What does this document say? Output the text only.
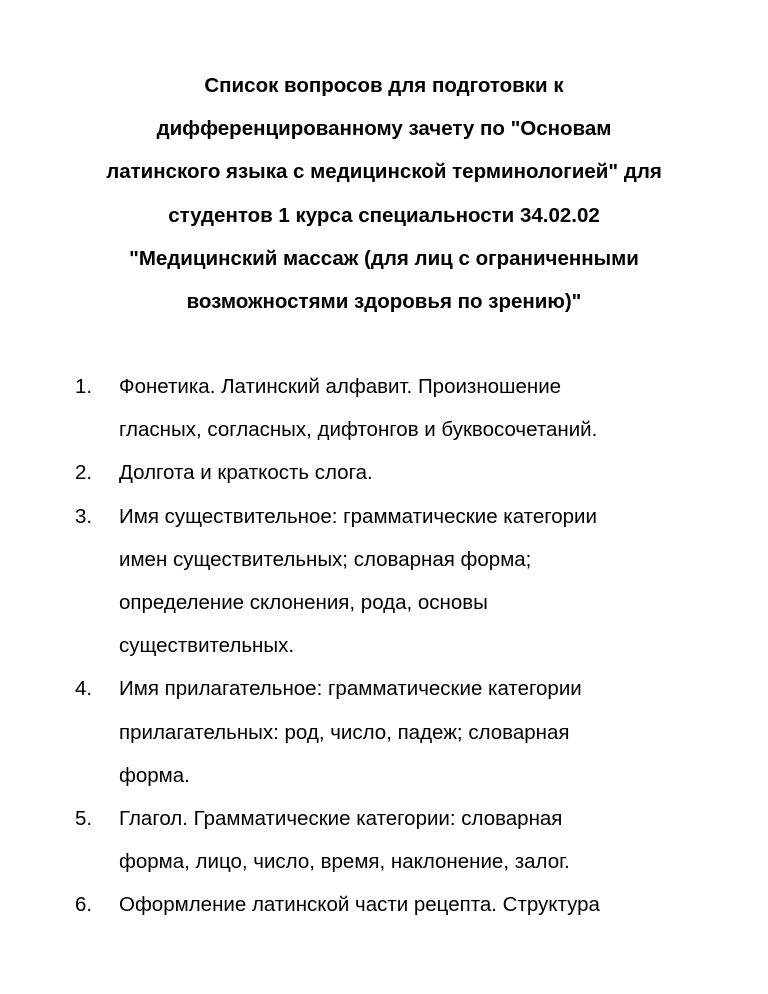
Список вопросов для подготовки к
дифференцированному зачету по "Основам
латинского языка с медицинской терминологией" для
студентов 1 курса специальности 34.02.02
"Медицинский массаж (для лиц с ограниченными
возможностями здоровья по зрению)"
1. Фонетика. Латинский алфавит. Произношение
гласных, согласных, дифтонгов и буквосочетаний.
2. Долгота и краткость слога.
3. Имя существительное: грамматические категории
имен существительных; словарная форма;
определение склонения, рода, основы
существительных.
4. Имя прилагательное: грамматические категории
прилагательных: род, число, падеж; словарная
форма.
5. Глагол. Грамматические категории: словарная
форма, лицо, число, время, наклонение, залог.
6. Оформление латинской части рецепта. Структура
